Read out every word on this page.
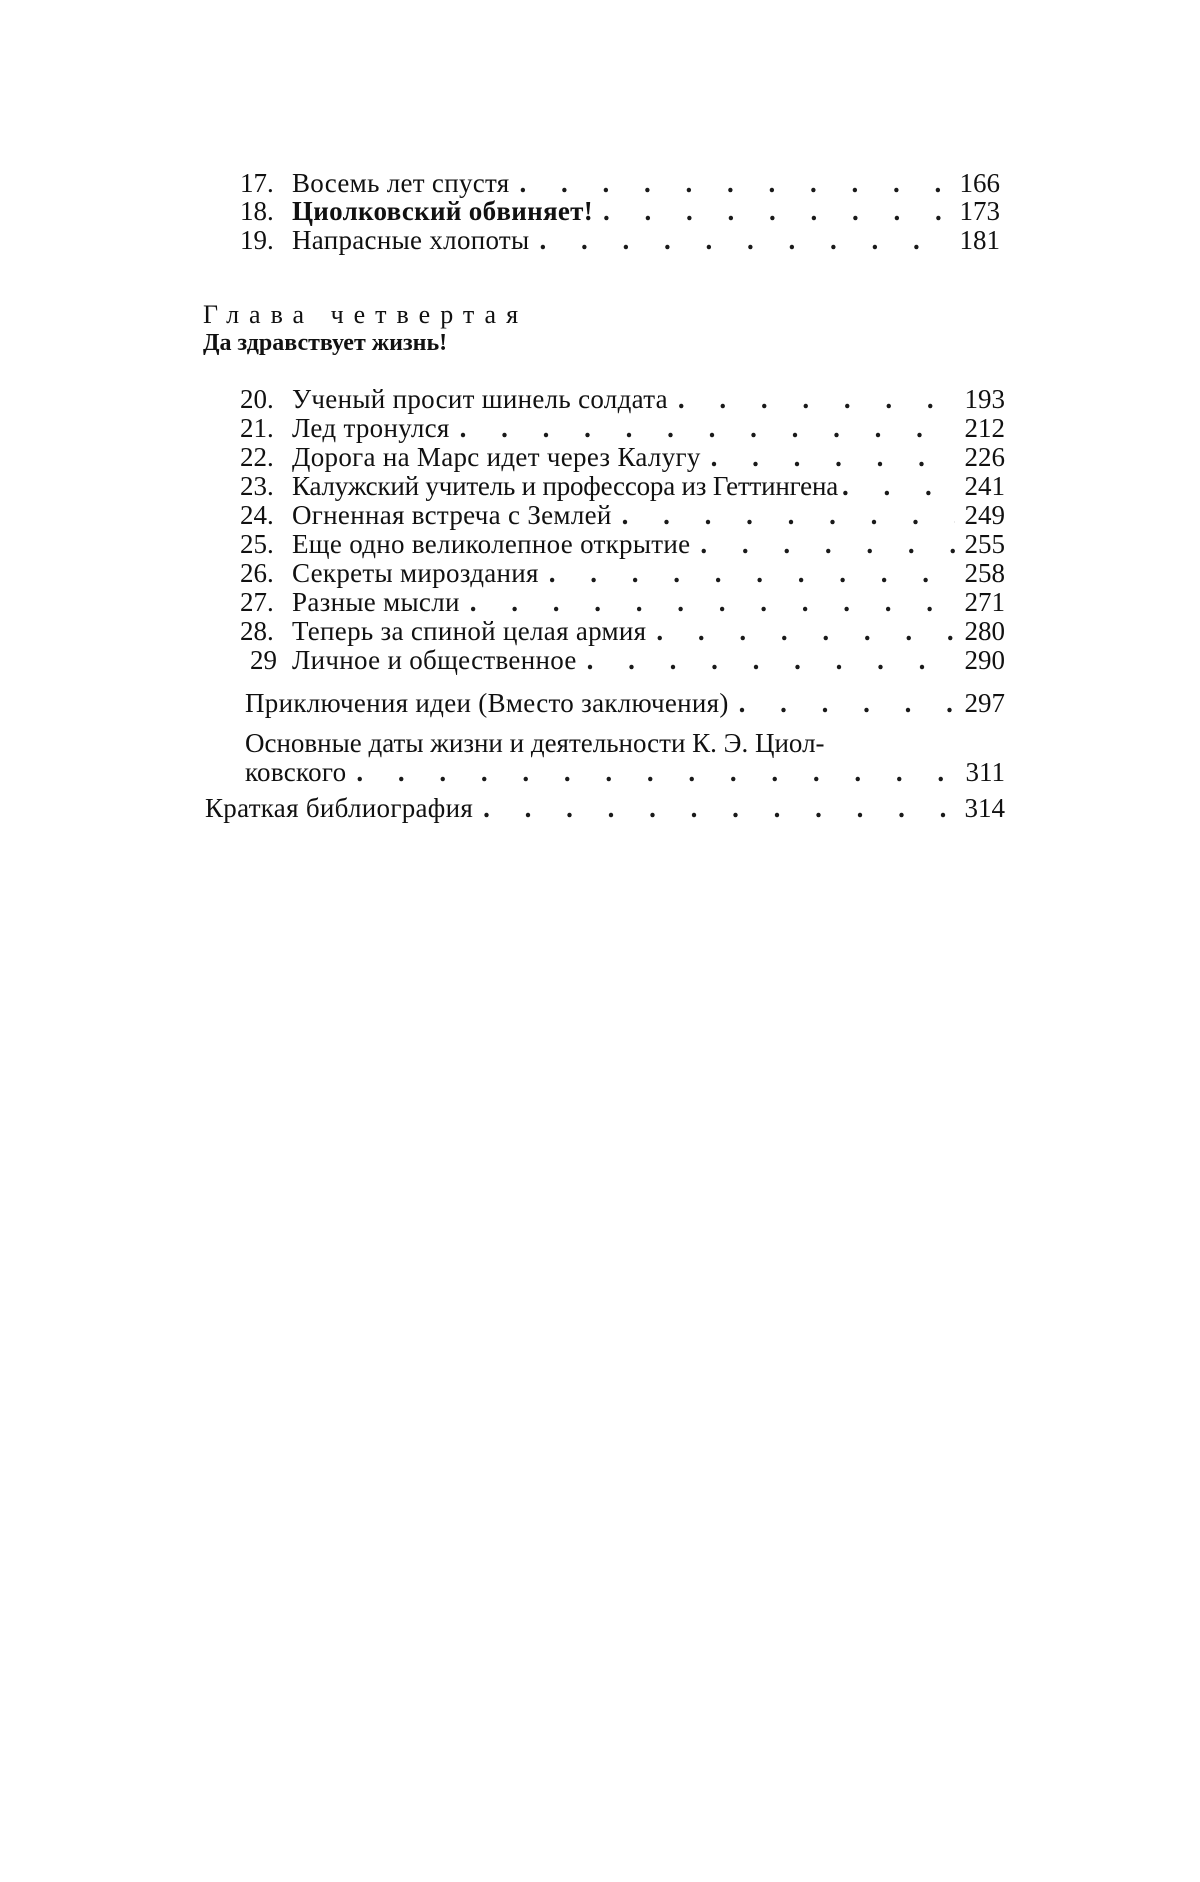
17. Восемь лет спустя
. . .	166
18. Циолковский обвиняет!
. . .	173
19. Напрасные хлопоты
. . .	181
Глава четвертая
Да здравствует жизнь!
20. Ученый просит шинель солдата
. . .	193
21. Лед тронулся
. . .	212
22. Дорога на Марс идет через Калугу
. . .	226
23. Калужский учитель и профессора из Геттингена
. . .	241
24. Огненная встреча с Землей
. . .	249
25. Еще одно великолепное открытие
. . .	255
26. Секреты мироздания
. . .	258
27. Разные мысли
. . .	271
28. Теперь за спиной целая армия
. . .	280
29 Личное и общественное
. . .	290
Приключения идеи (Вместо заключения)
. . .	297
Основные даты жизни и деятельности К. Э. Циол-
ковского
. . .	311
Краткая библиография
. . .	314
